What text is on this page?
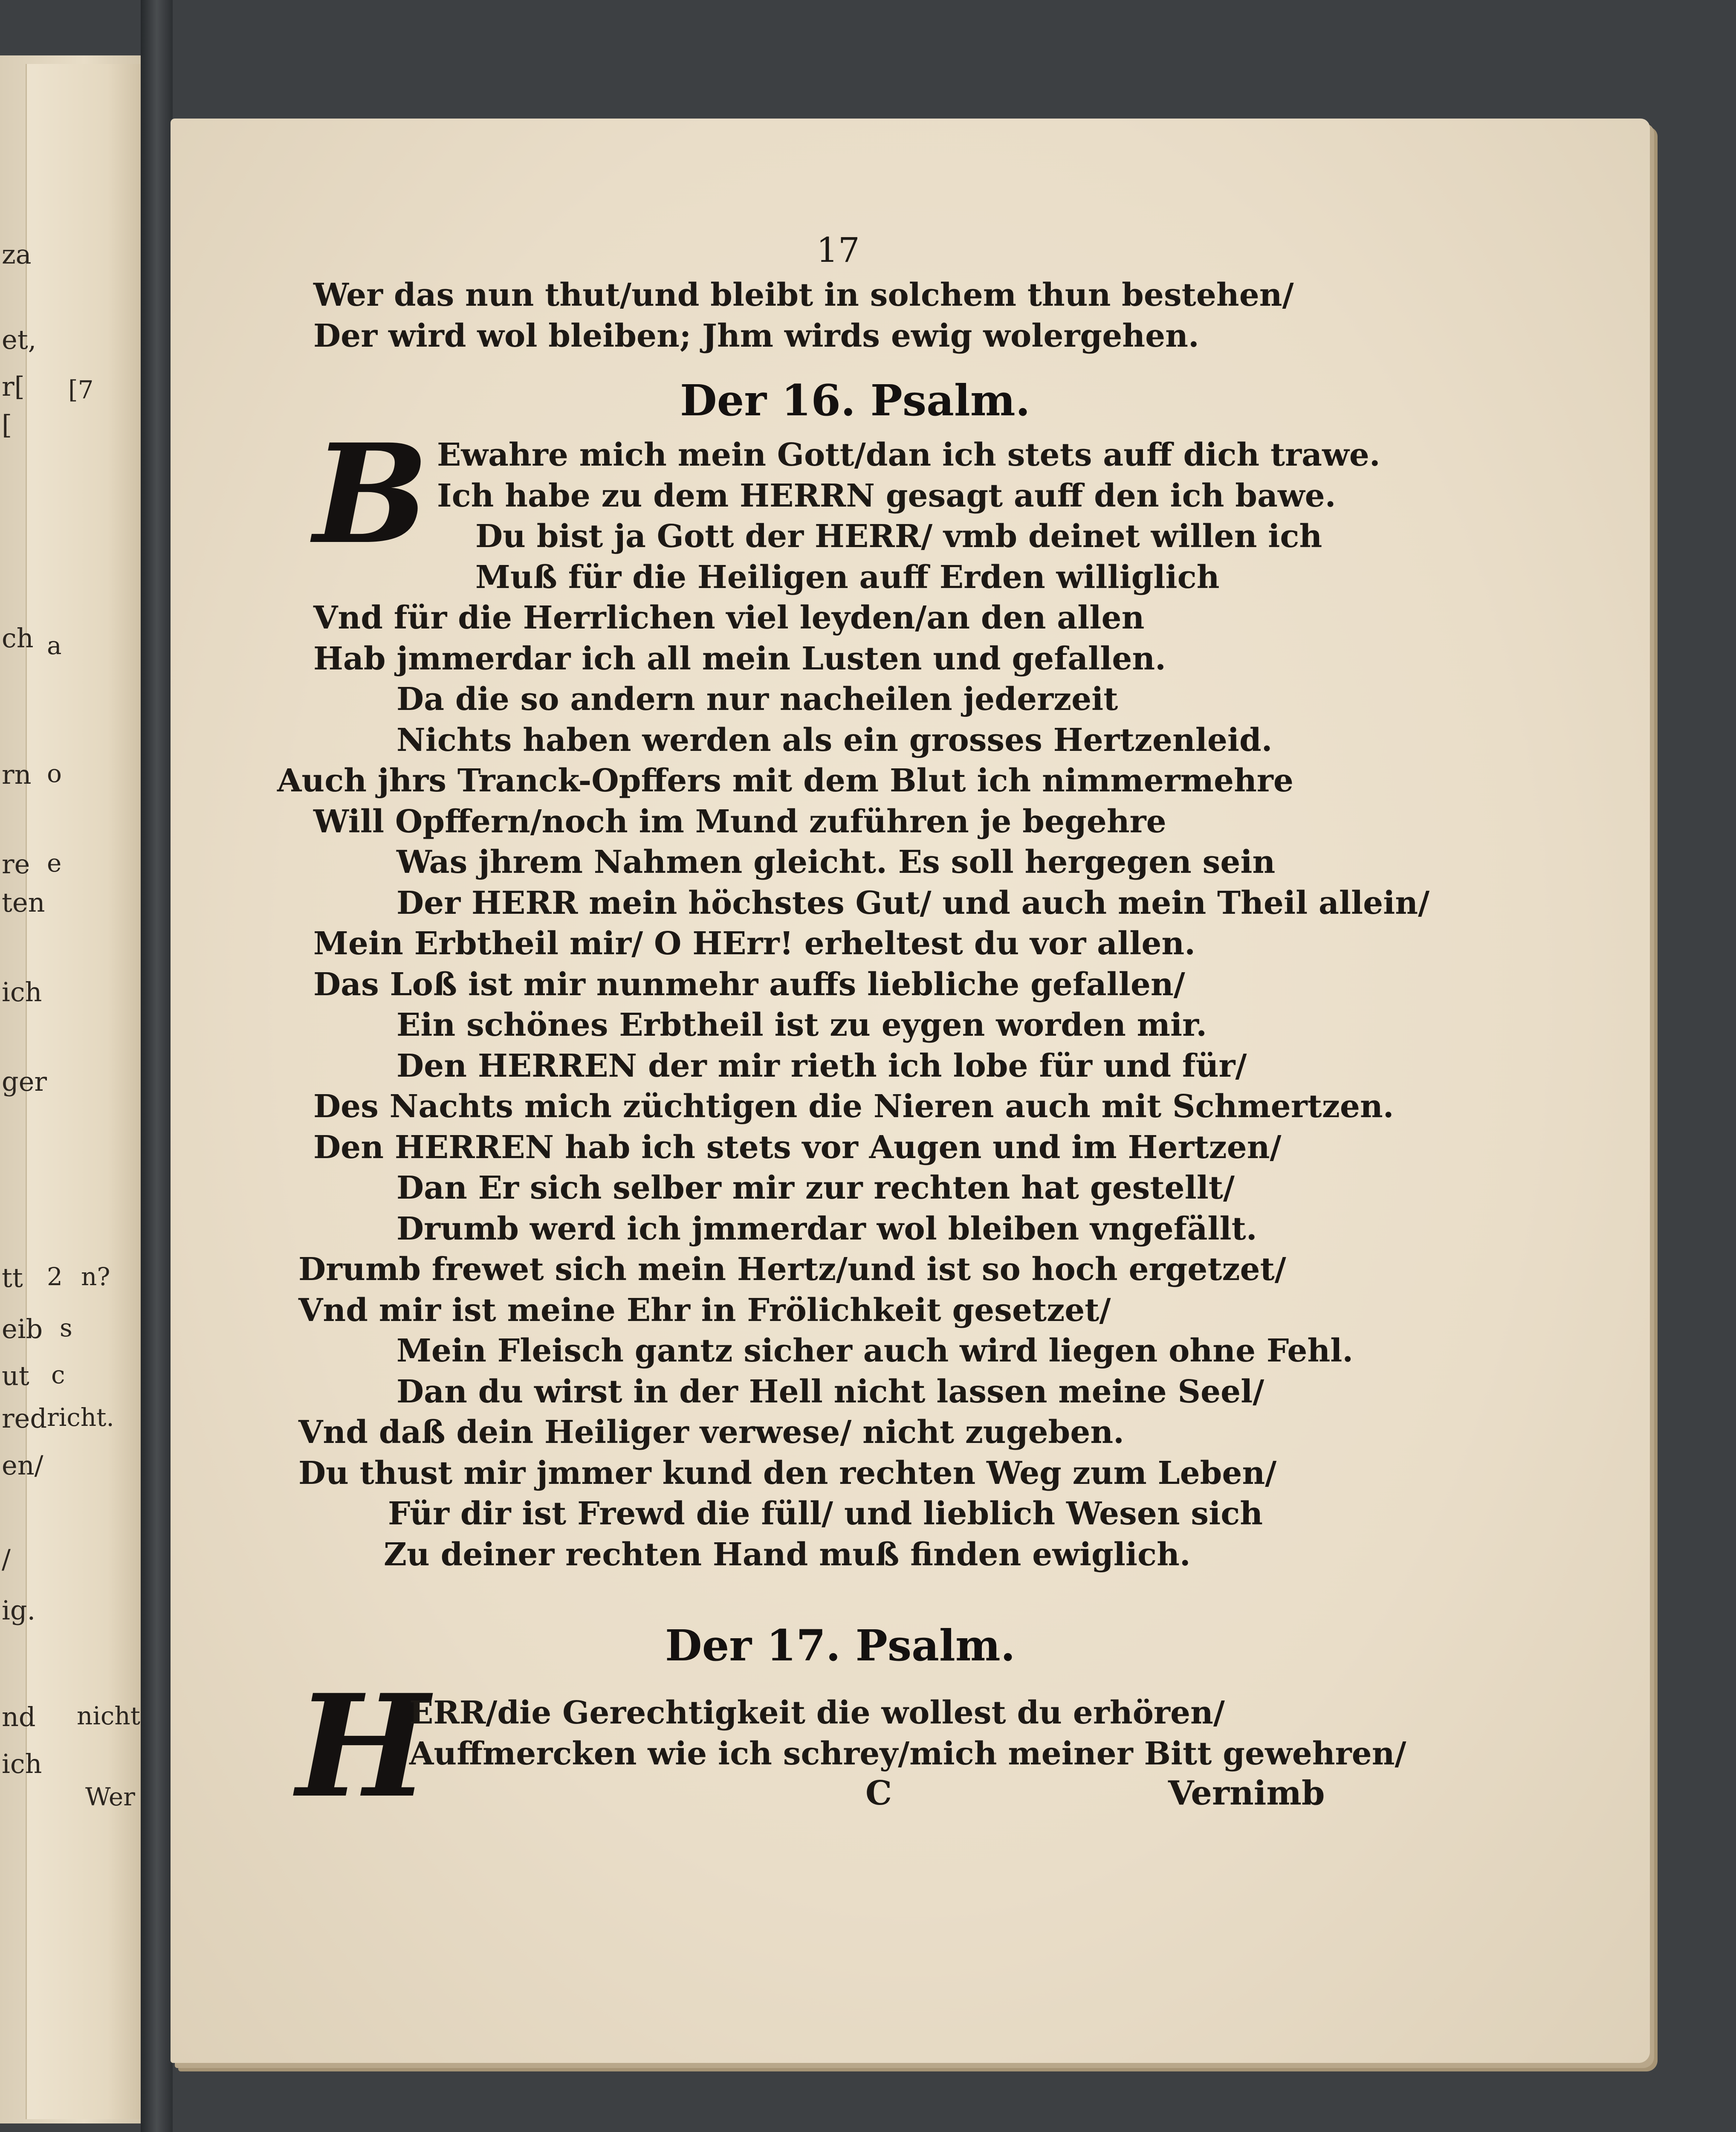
za
et,
r[
[
ch
rn
re
ten
ich
ger
tt
eib
ut
red
en/
/
ig.
nd
ich
[7
a
o
e
2 n?
s
c
richt.
nicht
Wer
17
Wer das nun thut/und bleibt in solchem thun bestehen/
Der wird wol bleiben; Jhm wirds ewig wolergehen.
Der 16. Psalm.
B Ewahre mich mein Gott/dan ich stets auff dich trawe.
Ich habe zu dem HERRN gesagt auff den ich bawe.
Du bist ja Gott der HERR/ vmb deinet willen ich
Muß für die Heiligen auff Erden williglich
Vnd für die Herrlichen viel leyden/an den allen
Hab jmmerdar ich all mein Lusten und gefallen.
Da die so andern nur nacheilen jederzeit
Nichts haben werden als ein grosses Hertzenleid.
Auch jhrs Tranck-Opffers mit dem Blut ich nimmermehre
Will Opffern/noch im Mund zuführen je begehre
Was jhrem Nahmen gleicht. Es soll hergegen sein
Der HERR mein höchstes Gut/ und auch mein Theil allein/
Mein Erbtheil mir/ O HErr! erheltest du vor allen.
Das Loß ist mir nunmehr auffs liebliche gefallen/
Ein schönes Erbtheil ist zu eygen worden mir.
Den HERREN der mir rieth ich lobe für und für/
Des Nachts mich züchtigen die Nieren auch mit Schmertzen.
Den HERREN hab ich stets vor Augen und im Hertzen/
Dan Er sich selber mir zur rechten hat gestellt/
Drumb werd ich jmmerdar wol bleiben vngefällt.
Drumb frewet sich mein Hertz/und ist so hoch ergetzet/
Vnd mir ist meine Ehr in Frölichkeit gesetzet/
Mein Fleisch gantz sicher auch wird liegen ohne Fehl.
Dan du wirst in der Hell nicht lassen meine Seel/
Vnd daß dein Heiliger verwese/ nicht zugeben.
Du thust mir jmmer kund den rechten Weg zum Leben/
Für dir ist Frewd die füll/ und lieblich Wesen sich
Zu deiner rechten Hand muß finden ewiglich.
Der 17. Psalm.
H
ERR/die Gerechtigkeit die wollest du erhören/
Auffmercken wie ich schrey/mich meiner Bitt gewehren/
C	Vernimb
